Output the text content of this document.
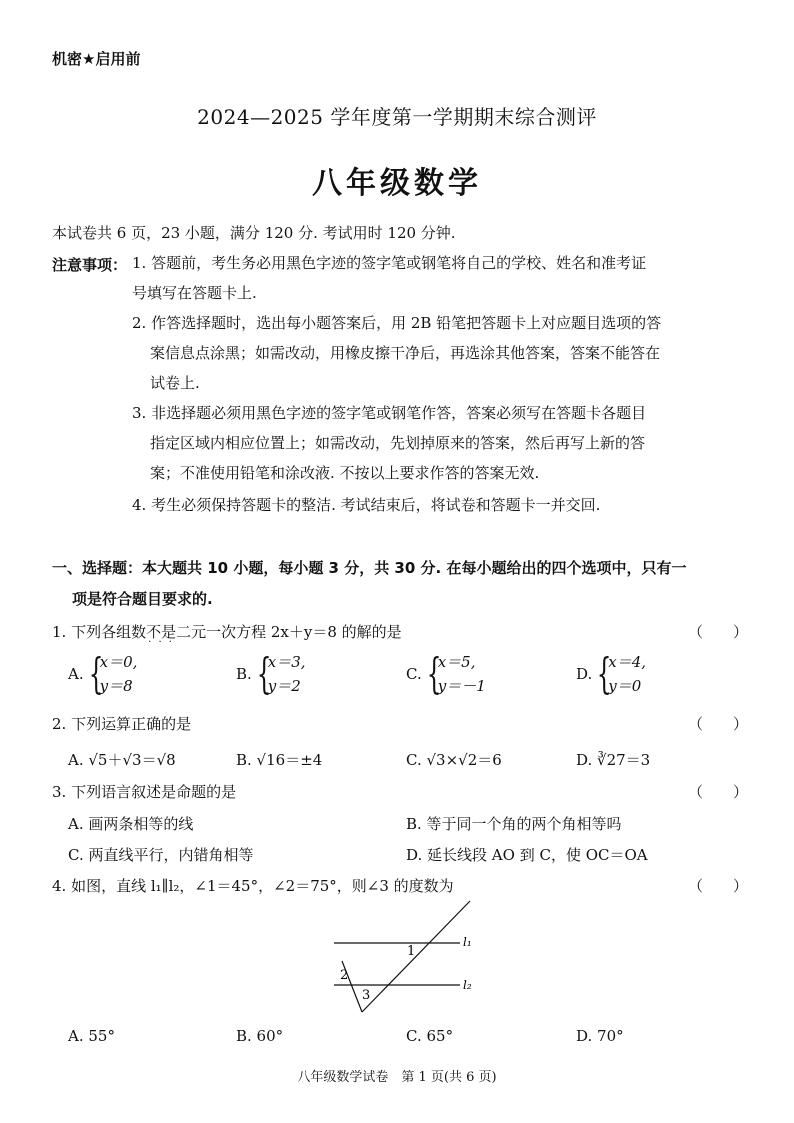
机密★启用前
2024—2025 学年度第一学期期末综合测评
八年级数学
本试卷共 6 页，23 小题，满分 120 分. 考试用时 120 分钟.
注意事项： 1. 答题前，考生务必用黑色字迹的签字笔或钢笔将自己的学校、姓名和准考证
号填写在答题卡上.
2. 作答选择题时，选出每小题答案后，用 2B 铅笔把答题卡上对应题目选项的答
案信息点涂黑；如需改动，用橡皮擦干净后，再选涂其他答案，答案不能答在
试卷上.
3. 非选择题必须用黑色字迹的签字笔或钢笔作答，答案必须写在答题卡各题目
指定区域内相应位置上；如需改动，先划掉原来的答案，然后再写上新的答
案；不准使用铅笔和涂改液. 不按以上要求作答的答案无效.
4. 考生必须保持答题卡的整洁. 考试结束后，将试卷和答题卡一并交回.
一、选择题：本大题共 10 小题，每小题 3 分，共 30 分. 在每小题给出的四个选项中，只有一
项是符合题目要求的.
1. 下列各组数不是 · · ·二元一次方程 2x＋y＝8 的解的是	（　　）
A. {
x＝0,
y＝8
B. {
x＝3,
y＝2
C. {
x＝5,
y＝－1
D. {
x＝4,
y＝0
2. 下列运算正确的是	（　　）
A. √5＋√3＝√8	B. √16＝±4	C. √3×√2＝6	D. ∛27＝3
3. 下列语言叙述是命题的是	（　　）
A. 画两条相等的线	B. 等于同一个角的两个角相等吗
C. 两直线平行，内错角相等	D. 延长线段 AO 到 C，使 OC＝OA
4. 如图，直线 l₁∥l₂，∠1＝45°，∠2＝75°，则∠3 的度数为	（　　）
1
2
3
l₁
l₂
A. 55°	B. 60°	C. 65°	D. 70°
八年级数学试卷　第 1 页(共 6 页)
